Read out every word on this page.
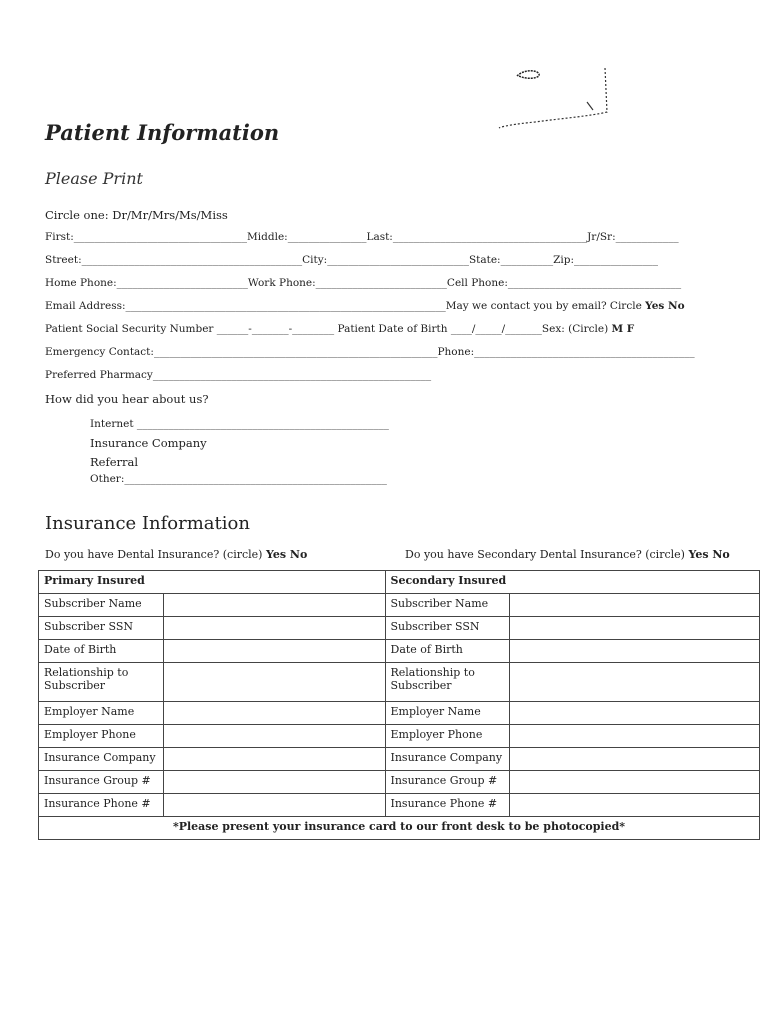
Patient Information
Please Print
Circle one: Dr/Mr/Mrs/Ms/Miss
First:_________________________________Middle:_______________Last:_____________________________________Jr/Sr:____________
Street:__________________________________________City:___________________________State:__________Zip:________________
Home Phone:_________________________Work Phone:_________________________Cell Phone:_________________________________
Email Address:_____________________________________________________________May we contact you by email? Circle Yes No
Patient Social Security Number ______-_______-________ Patient Date of Birth ____/_____/_______Sex: (Circle) M F
Emergency Contact:______________________________________________________Phone:__________________________________________
Preferred Pharmacy_____________________________________________________
How did you hear about us?
Internet ________________________________________________
Insurance Company
Referral
Other:__________________________________________________
Insurance Information
Do you have Dental Insurance? (circle) Yes No	Do you have Secondary Dental Insurance? (circle) Yes No
Primary Insured		Secondary Insured	
Subscriber Name		Subscriber Name	
Subscriber SSN		Subscriber SSN	
Date of Birth		Date of Birth	
Relationship to Subscriber		Relationship to Subscriber	
Employer Name		Employer Name	
Employer Phone		Employer Phone	
Insurance Company		Insurance Company	
Insurance Group #		Insurance Group #	
Insurance Phone #		Insurance Phone #	
*Please present your insurance card to our front desk to be photocopied*			
